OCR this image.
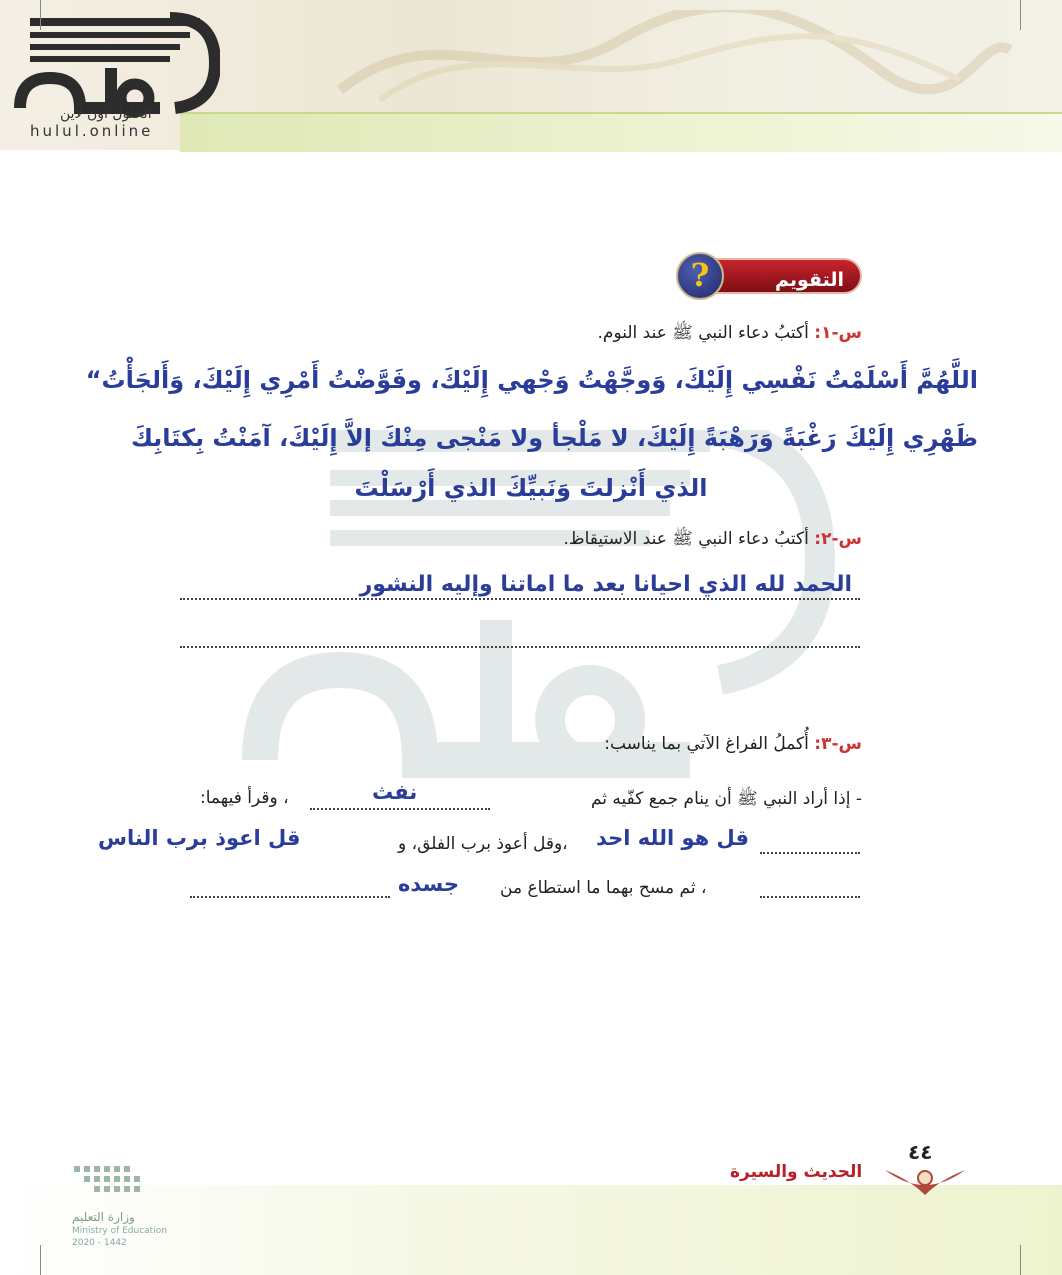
الحلول اون لاين
hulul.online
التقويم
?
س-١: أكتبُ دعاء النبي ﷺ عند النوم.
اللَّهُمَّ أَسْلَمْتُ نَفْسِي إِلَيْكَ، وَوجَّهْتُ وَجْهي إِلَيْكَ، وفَوَّضْتُ أَمْرِي إِلَيْكَ، وَأَلجَأْتُ“
ظَهْرِي إِلَيْكَ رَغْبَةً وَرَهْبَةً إِلَيْكَ، لا مَلْجأ ولا مَنْجى مِنْكَ إلاَّ إِلَيْكَ، آمَنْتُ بِكتَابِكَ
الذي أَنْزلتَ وَنَبيِّكَ الذي أَرْسَلْتَ
س-٢: أكتبُ دعاء النبي ﷺ عند الاستيقاظ.
الحمد لله الذي احيانا بعد ما اماتنا وإليه النشور
س-٣: أُكملُ الفراغ الآتي بما يناسب:
- إذا أراد النبي ﷺ أن ينام جمع كفّيه ثم
نفث
، وقرأ فيهما:
قل هو الله احد
،وقل أعوذ برب الفلق، و
قل اعوذ برب الناس
، ثم مسح بهما ما استطاع من
جسده
٤٤
الحديث والسيرة
وزارة التعليم
Ministry of Education
2020 - 1442
